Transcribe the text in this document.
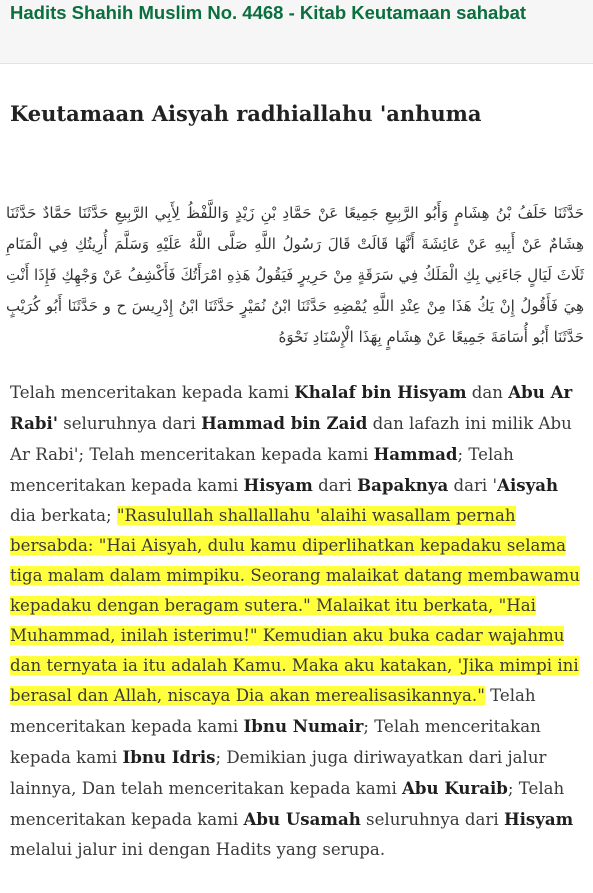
Hadits Shahih Muslim No. 4468 - Kitab Keutamaan sahabat
Keutamaan Aisyah radhiallahu 'anhuma

حَدَّثَنَا خَلَفُ بْنُ هِشَامٍ وَأَبُو الرَّبِيعِ جَمِيعًا عَنْ حَمَّادِ بْنِ زَيْدٍ وَاللَّفْظُ لِأَبِي الرَّبِيعِ حَدَّثَنَا حَمَّادٌ حَدَّثَنَا هِشَامٌ عَنْ أَبِيهِ عَنْ عَائِشَةَ أَنَّهَا قَالَتْ قَالَ رَسُولُ اللَّهِ صَلَّى اللَّهُ عَلَيْهِ وَسَلَّمَ أُرِيتُكِ فِي الْمَنَامِ ثَلَاثَ لَيَالٍ جَاءَنِي بِكِ الْمَلَكُ فِي سَرَقَةٍ مِنْ حَرِيرٍ فَيَقُولُ هَذِهِ امْرَأَتُكَ فَأَكْشِفُ عَنْ وَجْهِكِ فَإِذَا أَنْتِ هِيَ فَأَقُولُ إِنْ يَكُ هَذَا مِنْ عِنْدِ اللَّهِ يُمْضِهِ حَدَّثَنَا ابْنُ نُمَيْرٍ حَدَّثَنَا ابْنُ إِدْرِيسَ ح و حَدَّثَنَا أَبُو كُرَيْبٍ حَدَّثَنَا أَبُو أُسَامَةَ جَمِيعًا عَنْ هِشَامٍ بِهَذَا الْإِسْنَادِ نَحْوَهُ

Telah menceritakan kepada kami Khalaf bin Hisyam dan Abu Ar Rabi' seluruhnya dari Hammad bin Zaid dan lafazh ini milik Abu Ar Rabi'; Telah menceritakan kepada kami Hammad; Telah menceritakan kepada kami Hisyam dari Bapaknya dari 'Aisyah dia berkata; "Rasulullah shallallahu 'alaihi wasallam pernah bersabda: "Hai Aisyah, dulu kamu diperlihatkan kepadaku selama tiga malam dalam mimpiku. Seorang malaikat datang membawamu kepadaku dengan beragam sutera." Malaikat itu berkata, "Hai Muhammad, inilah isterimu!" Kemudian aku buka cadar wajahmu dan ternyata ia itu adalah Kamu. Maka aku katakan, 'Jika mimpi ini berasal dan Allah, niscaya Dia akan merealisasikannya." Telah menceritakan kepada kami Ibnu Numair; Telah menceritakan kepada kami Ibnu Idris; Demikian juga diriwayatkan dari jalur lainnya, Dan telah menceritakan kepada kami Abu Kuraib; Telah menceritakan kepada kami Abu Usamah seluruhnya dari Hisyam melalui jalur ini dengan Hadits yang serupa.
